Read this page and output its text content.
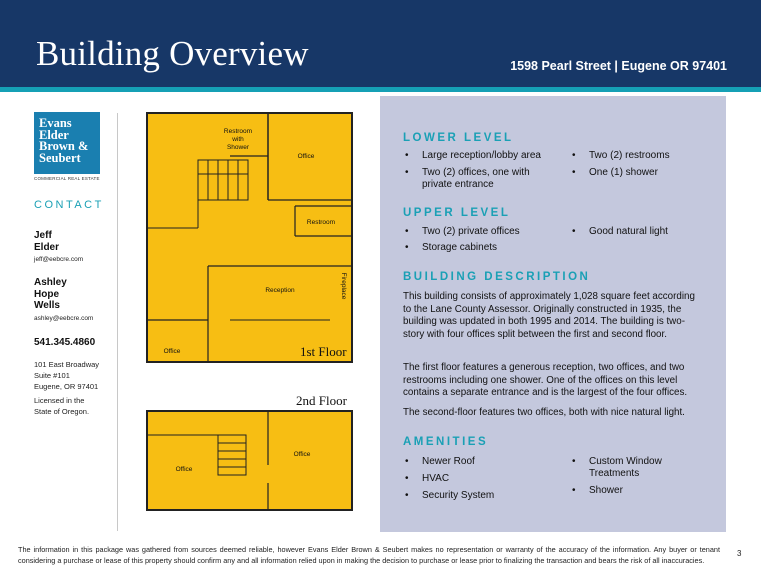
Building Overview	1598 Pearl Street | Eugene OR 97401
Evans
Elder
Brown &
Seubert
COMMERCIAL REAL ESTATE
CONTACT
Jeff
Elder
jeff@eebcre.com
Ashley
Hope
Wells
ashley@eebcre.com
541.345.4860
101 East Broadway
Suite #101
Eugene, OR 97401
Licensed in the
State of Oregon.
Restroom
with
Shower
Office
Restroom
Reception	Fireplace
Office	1st Floor
2nd Floor
Office
Office
LOWER LEVEL
• Large reception/lobby area
• Two (2) offices, one with private entrance
• Two (2) restrooms
• One (1) shower
UPPER LEVEL
• Two (2) private offices
• Storage cabinets
• Good natural light
BUILDING DESCRIPTION

This building consists of approximately 1,028 square feet according to the Lane County Assessor. Originally constructed in 1935, the building was updated in both 1995 and 2014. The building is two-story with four offices split between the first and second floor.

The first floor features a generous reception, two offices, and two restrooms including one shower. One of the offices on this level contains a separate entrance and is the largest of the four offices.

The second-floor features two offices, both with nice natural light.

AMENITIES
• Newer Roof
• HVAC
• Security System
• Custom Window Treatments
• Shower

The information in this package was gathered from sources deemed reliable, however Evans Elder Brown & Seubert makes no representation or warranty of the accuracy of the information. Any buyer or tenant considering a purchase or lease of this property should confirm any and all information relied upon in making the decision to purchase or lease prior to finalizing the transaction and bears the risk of all inaccuracies.

3
